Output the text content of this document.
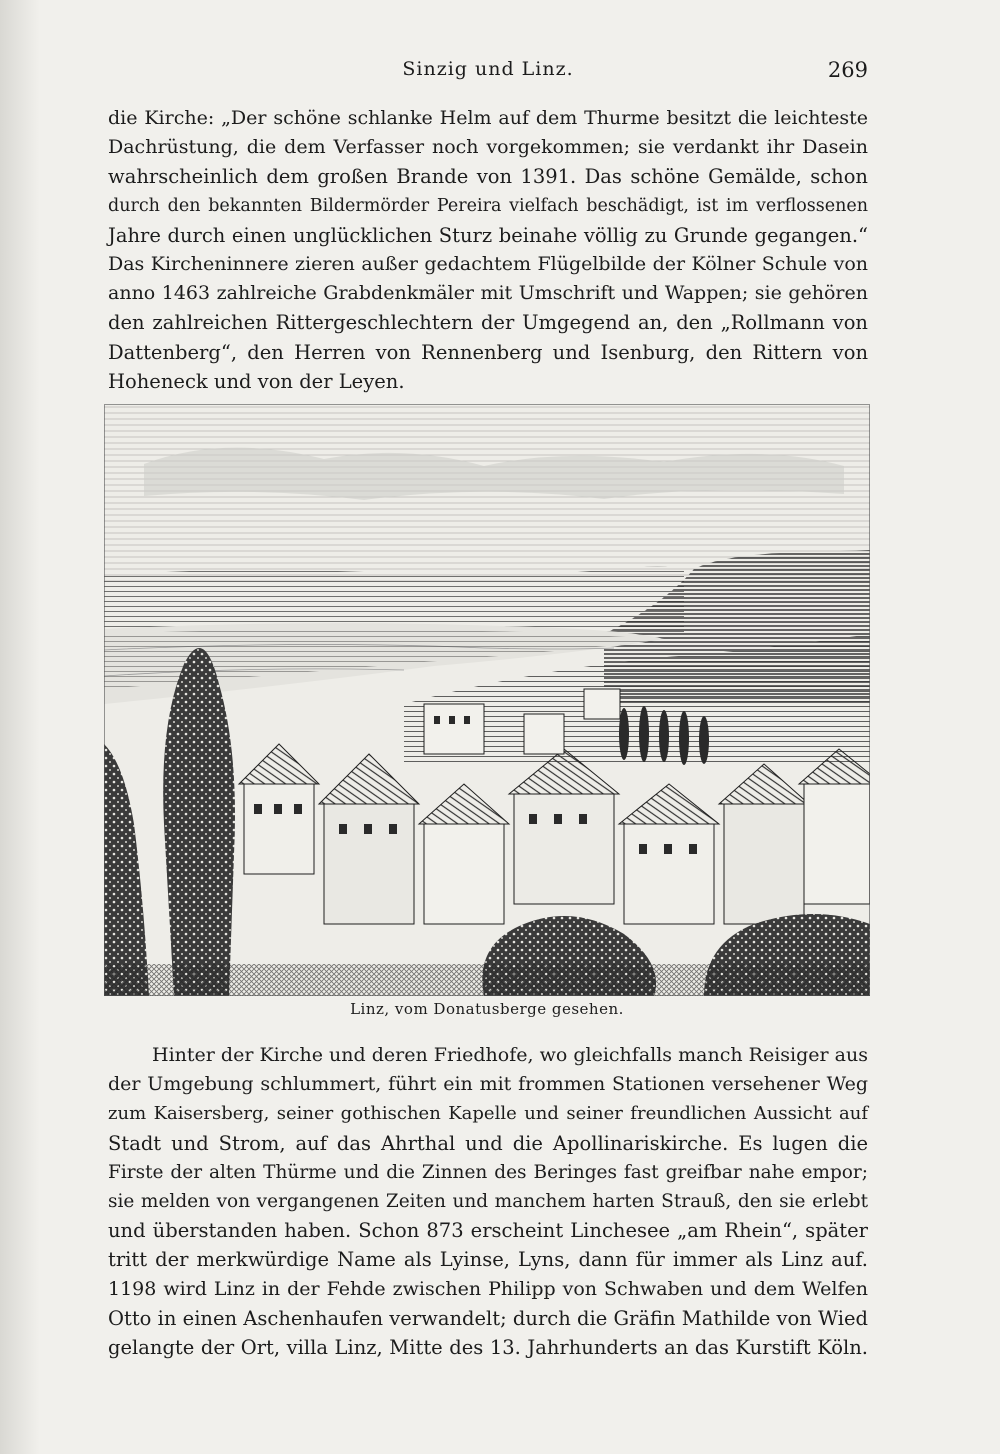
Sinzig und Linz.	269
die Kirche: „Der schöne schlanke Helm auf dem Thurme besitzt die leichteste
Dachrüstung, die dem Verfasser noch vorgekommen; sie verdankt ihr Dasein
wahrscheinlich dem großen Brande von 1391. Das schöne Gemälde, schon
durch den bekannten Bildermörder Pereira vielfach beschädigt, ist im verflossenen
Jahre durch einen unglücklichen Sturz beinahe völlig zu Grunde gegangen.“
Das Kircheninnere zieren außer gedachtem Flügelbilde der Kölner Schule von
anno 1463 zahlreiche Grabdenkmäler mit Umschrift und Wappen; sie gehören
den zahlreichen Rittergeschlechtern der Umgegend an, den „Rollmann von
Dattenberg“, den Herren von Rennenberg und Isenburg, den Rittern von
Hoheneck und von der Leyen.
Linz, vom Donatusberge gesehen.
Hinter der Kirche und deren Friedhofe, wo gleichfalls manch Reisiger aus
der Umgebung schlummert, führt ein mit frommen Stationen versehener Weg
zum Kaisersberg, seiner gothischen Kapelle und seiner freundlichen Aussicht auf
Stadt und Strom, auf das Ahrthal und die Apollinariskirche. Es lugen die
Firste der alten Thürme und die Zinnen des Beringes fast greifbar nahe empor;
sie melden von vergangenen Zeiten und manchem harten Strauß, den sie erlebt
und überstanden haben. Schon 873 erscheint Lincheseе „am Rhein“, später
tritt der merkwürdige Name als Lyinse, Lyns, dann für immer als Linz auf.
1198 wird Linz in der Fehde zwischen Philipp von Schwaben und dem Welfen
Otto in einen Aschenhaufen verwandelt; durch die Gräfin Mathilde von Wied
gelangte der Ort, villa Linz, Mitte des 13. Jahrhunderts an das Kurstift Köln.
